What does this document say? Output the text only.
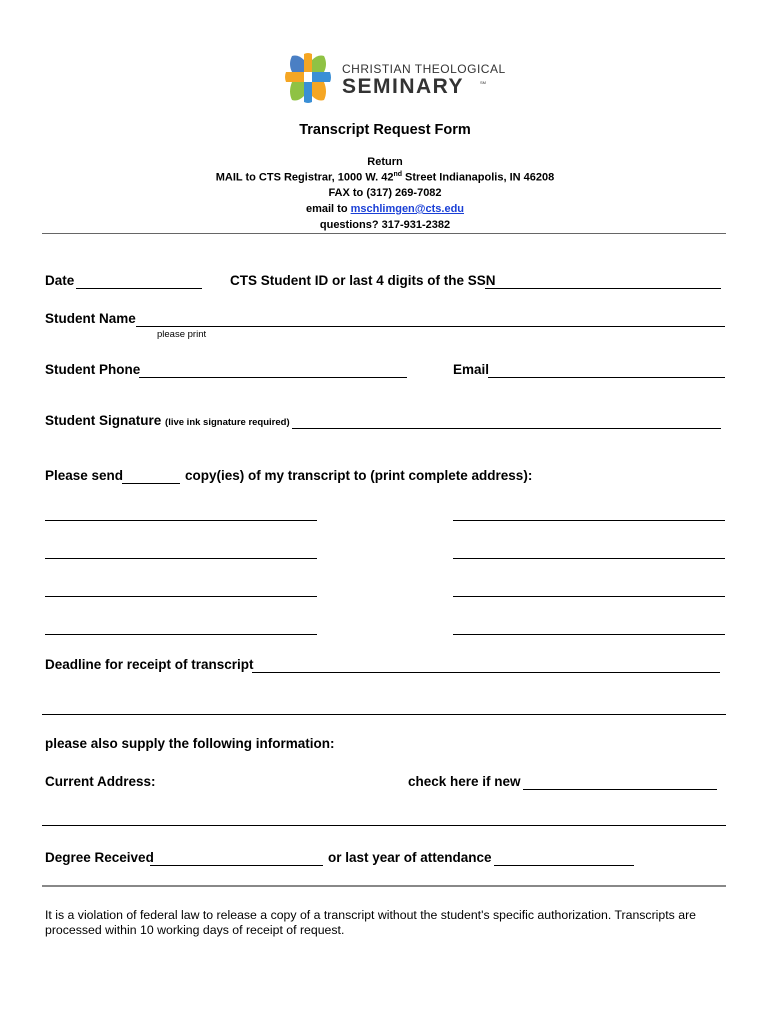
CHRISTIAN THEOLOGICAL
SEMINARY	SM
Transcript Request Form
Return
MAIL to CTS Registrar, 1000 W. 42nd Street Indianapolis, IN 46208
FAX to (317) 269-7082
email to mschlimgen@cts.edu
questions? 317-931-2382
Date	CTS Student ID or last 4 digits of the SSN
Student Name
please print
Student Phone	Email
Student Signature (live ink signature required)
Please send	copy(ies) of my transcript to (print complete address):
Deadline for receipt of transcript
please also supply the following information:
Current Address:	check here if new
Degree Received	or last year of attendance
It is a violation of federal law to release a copy of a transcript without the student's specific authorization. Transcripts are processed within 10 working days of receipt of request.
